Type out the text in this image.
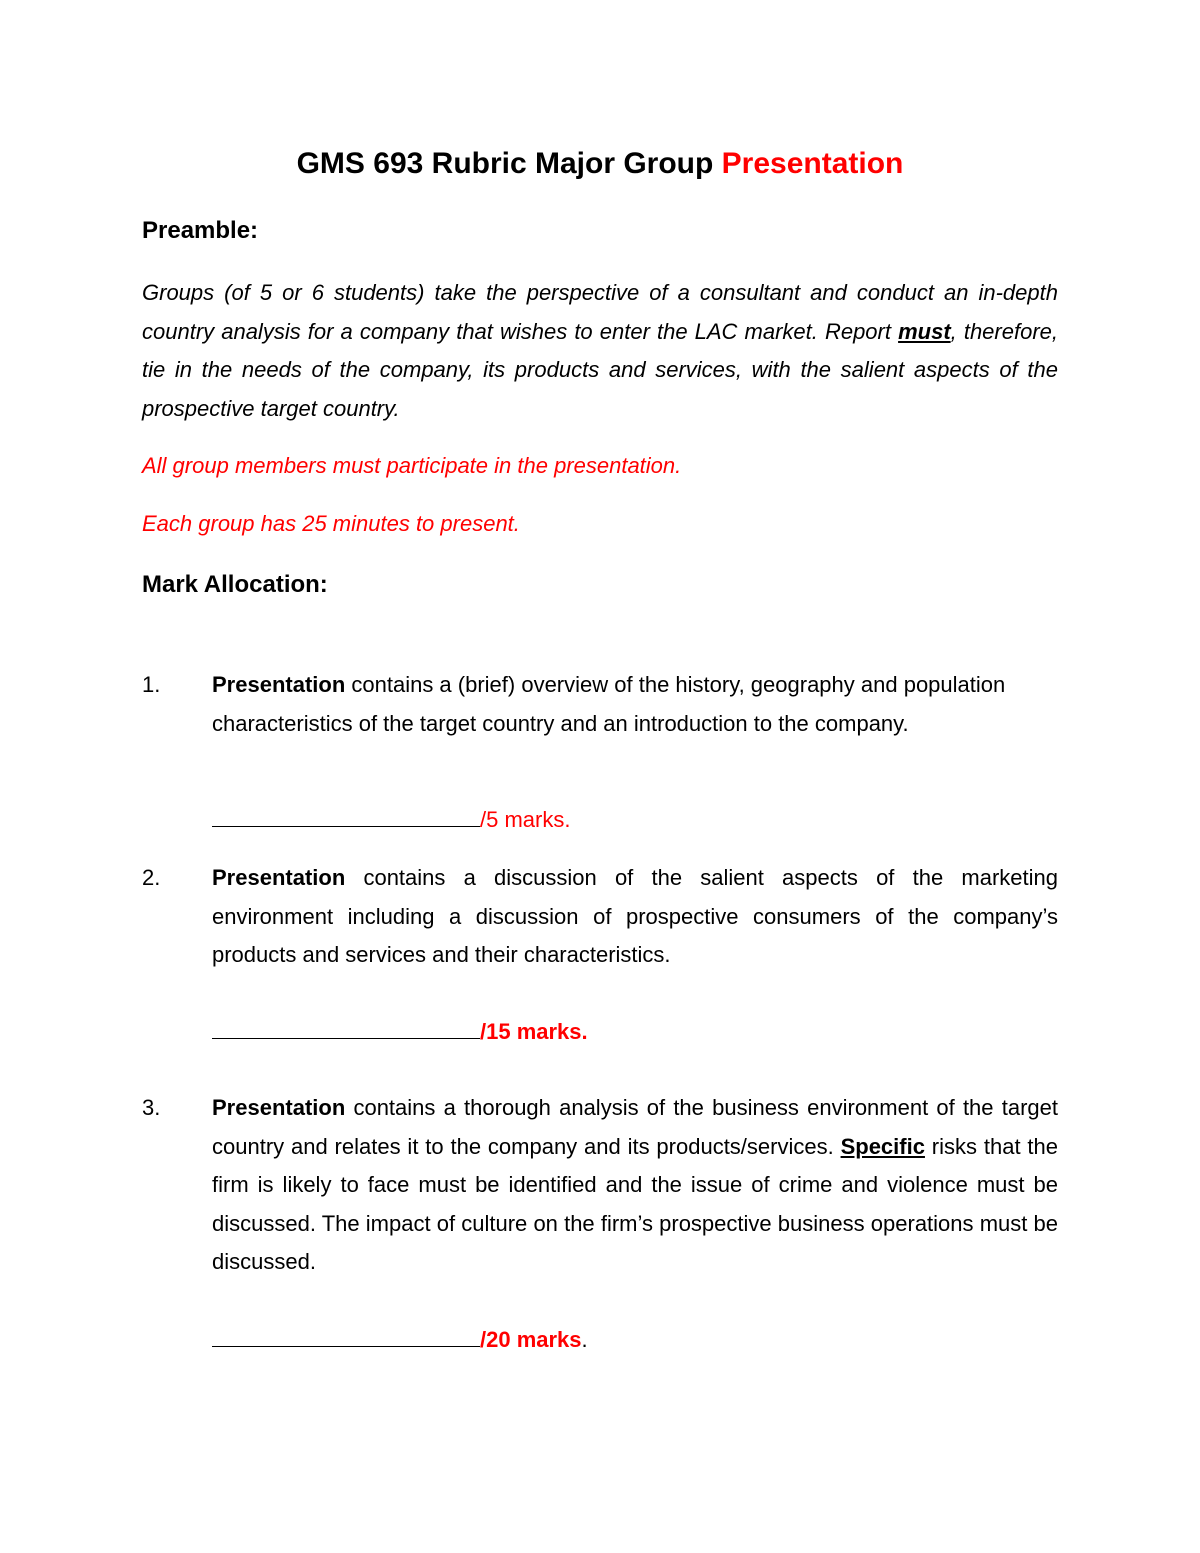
GMS 693 Rubric Major Group Presentation
Preamble:
Groups (of 5 or 6 students) take the perspective of a consultant and conduct an in-depth country analysis for a company that wishes to enter the LAC market. Report must, therefore, tie in the needs of the company, its products and services, with the salient aspects of the prospective target country.
All group members must participate in the presentation.
Each group has 25 minutes to present.
Mark Allocation:
1. Presentation contains a (brief) overview of the history, geography and population characteristics of the target country and an introduction to the company.
/5 marks.
2. Presentation contains a discussion of the salient aspects of the marketing environment including a discussion of prospective consumers of the company’s products and services and their characteristics.
/15 marks.
3. Presentation contains a thorough analysis of the business environment of the target country and relates it to the company and its products/services. Specific risks that the firm is likely to face must be identified and the issue of crime and violence must be discussed. The impact of culture on the firm’s prospective business operations must be discussed.
/20 marks.
